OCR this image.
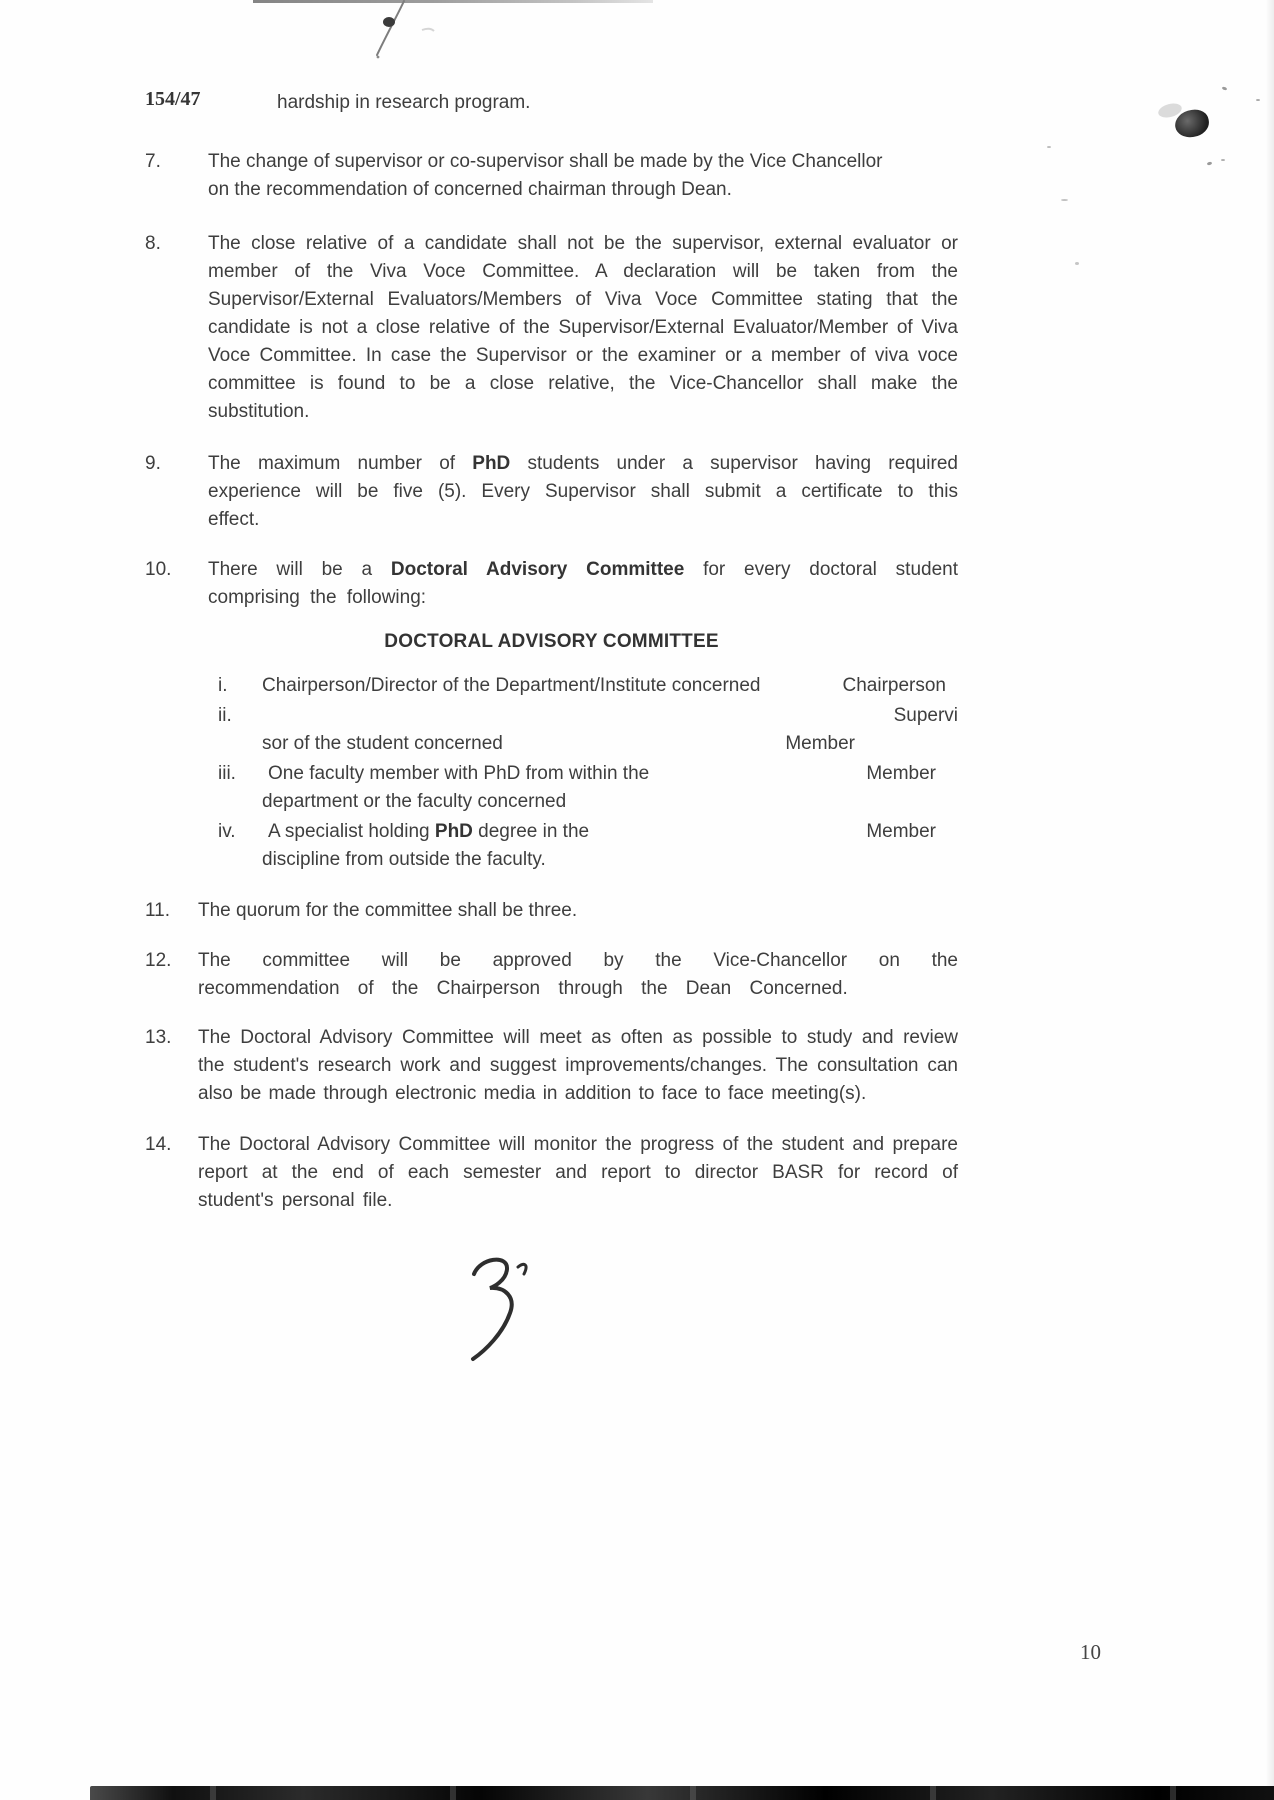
154/47	hardship in research program.
7.	The change of supervisor or co-supervisor shall be made by the Vice Chancellor on the recommendation of concerned chairman through Dean.
8.	The close relative of a candidate shall not be the supervisor, external evaluator or member of the Viva Voce Committee. A declaration will be taken from the Supervisor/External Evaluators/Members of Viva Voce Committee stating that the candidate is not a close relative of the Supervisor/External Evaluator/Member of Viva Voce Committee. In case the Supervisor or the examiner or a member of viva voce committee is found to be a close relative, the Vice-Chancellor shall make the substitution.
9.	The maximum number of PhD students under a supervisor having required experience will be five (5). Every Supervisor shall submit a certificate to this effect.
10.	There will be a Doctoral Advisory Committee for every doctoral student comprising the following:
DOCTORAL ADVISORY COMMITTEE
i.	Chairperson/Director of the Department/Institute concerned	Chairperson
ii.	Supervi
sor of the student concerned	Member
iii.	One faculty member with PhD from within the	Member
department or the faculty concerned
iv.	A specialist holding PhD degree in the	Member
discipline from outside the faculty.
11.	The quorum for the committee shall be three.
12.	The committee will be approved by the Vice-Chancellor on the recommendation of the Chairperson through the Dean Concerned.
13.	The Doctoral Advisory Committee will meet as often as possible to study and review the student's research work and suggest improvements/changes. The consultation can also be made through electronic media in addition to face to face meeting(s).
14.	The Doctoral Advisory Committee will monitor the progress of the student and prepare report at the end of each semester and report to director BASR for record of student's personal file.
10
